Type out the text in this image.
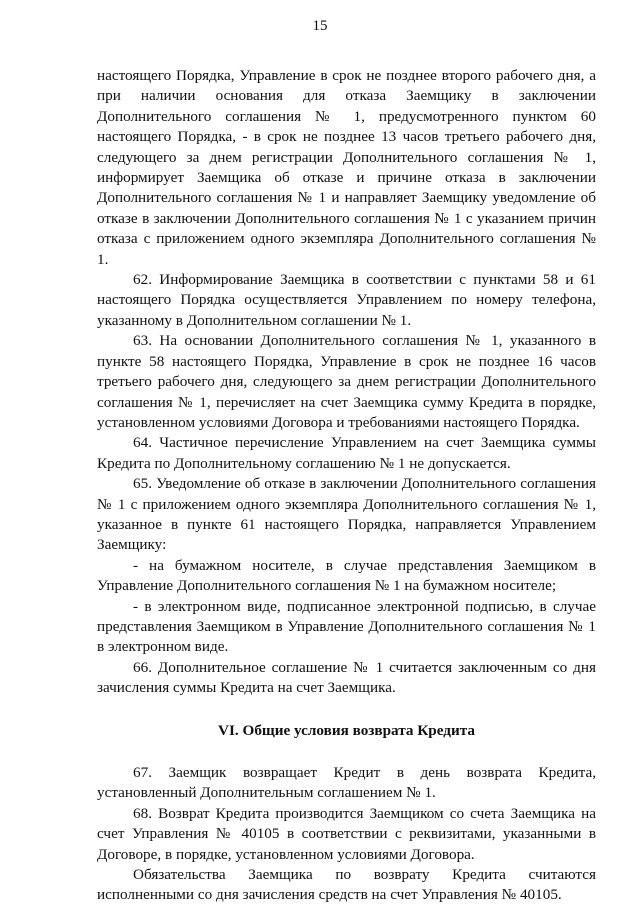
15

настоящего Порядка, Управление в срок не позднее второго рабочего дня, а при наличии основания для отказа Заемщику в заключении Дополнительного соглашения № 1, предусмотренного пунктом 60 настоящего Порядка, - в срок не позднее 13 часов третьего рабочего дня, следующего за днем регистрации Дополнительного соглашения № 1, информирует Заемщика об отказе и причине отказа в заключении Дополнительного соглашения № 1 и направляет Заемщику уведомление об отказе в заключении Дополнительного соглашения № 1 с указанием причин отказа с приложением одного экземпляра Дополнительного соглашения № 1.

62. Информирование Заемщика в соответствии с пунктами 58 и 61 настоящего Порядка осуществляется Управлением по номеру телефона, указанному в Дополнительном соглашении № 1.

63. На основании Дополнительного соглашения № 1, указанного в пункте 58 настоящего Порядка, Управление в срок не позднее 16 часов третьего рабочего дня, следующего за днем регистрации Дополнительного соглашения № 1, перечисляет на счет Заемщика сумму Кредита в порядке, установленном условиями Договора и требованиями настоящего Порядка.

64. Частичное перечисление Управлением на счет Заемщика суммы Кредита по Дополнительному соглашению № 1 не допускается.

65. Уведомление об отказе в заключении Дополнительного соглашения № 1 с приложением одного экземпляра Дополнительного соглашения № 1, указанное в пункте 61 настоящего Порядка, направляется Управлением Заемщику:

- на бумажном носителе, в случае представления Заемщиком в Управление Дополнительного соглашения № 1 на бумажном носителе;

- в электронном виде, подписанное электронной подписью, в случае представления Заемщиком в Управление Дополнительного соглашения № 1 в электронном виде.

66. Дополнительное соглашение № 1 считается заключенным со дня зачисления суммы Кредита на счет Заемщика.

VI. Общие условия возврата Кредита

67. Заемщик возвращает Кредит в день возврата Кредита, установленный Дополнительным соглашением № 1.

68. Возврат Кредита производится Заемщиком со счета Заемщика на счет Управления № 40105 в соответствии с реквизитами, указанными в Договоре, в порядке, установленном условиями Договора.

Обязательства Заемщика по возврату Кредита считаются исполненными со дня зачисления средств на счет Управления № 40105.
